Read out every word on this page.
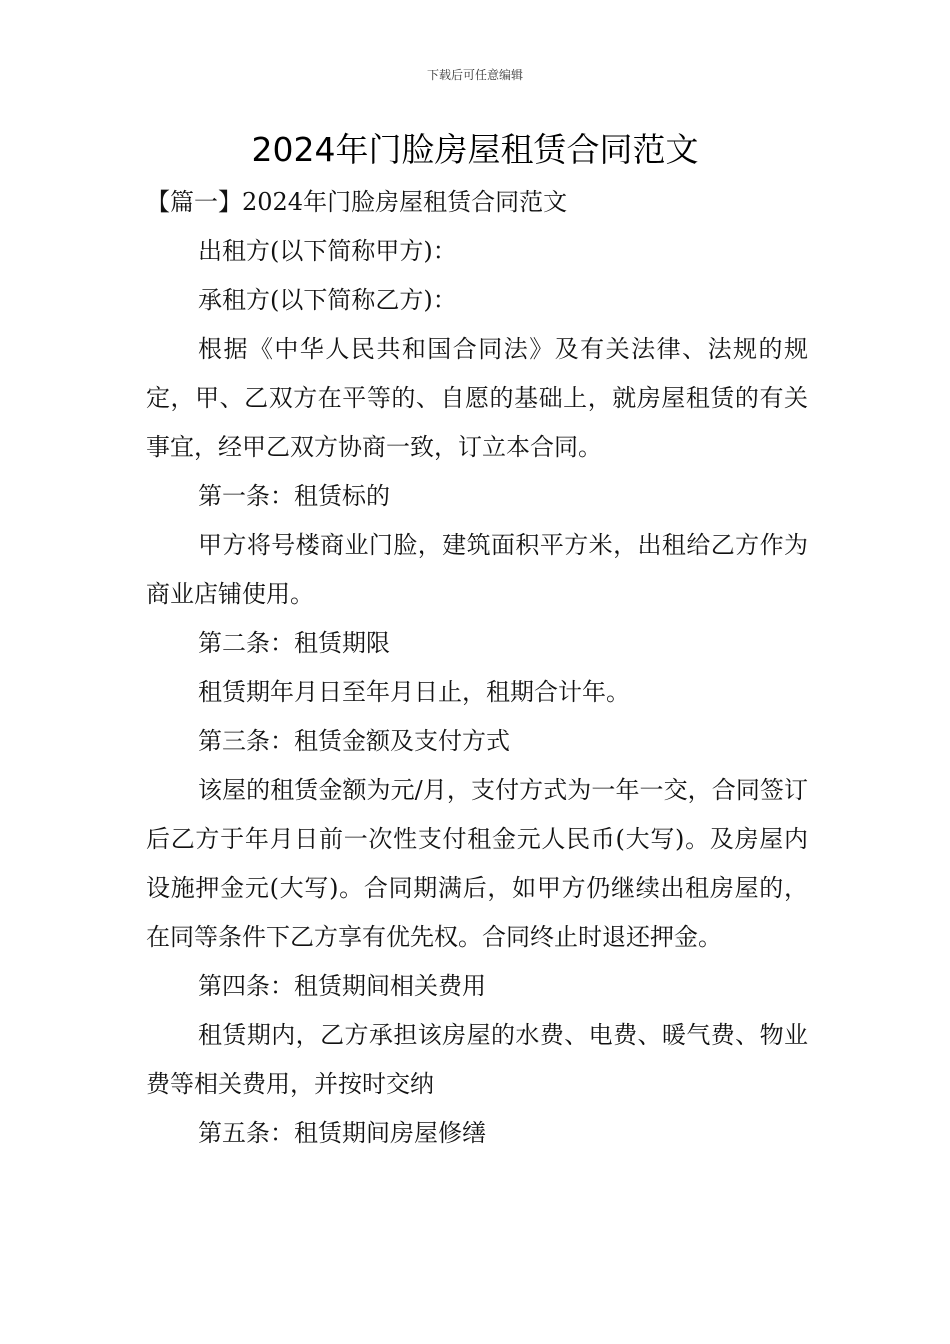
下载后可任意编辑
2024年门脸房屋租赁合同范文

【篇一】2024年门脸房屋租赁合同范文

出租方(以下简称甲方)：

承租方(以下简称乙方)：

根据《中华人民共和国合同法》及有关法律、法规的规定，甲、乙双方在平等的、自愿的基础上，就房屋租赁的有关事宜，经甲乙双方协商一致，订立本合同。

第一条：租赁标的

甲方将号楼商业门脸，建筑面积平方米，出租给乙方作为商业店铺使用。

第二条：租赁期限

租赁期年月日至年月日止，租期合计年。

第三条：租赁金额及支付方式

该屋的租赁金额为元/月，支付方式为一年一交，合同签订后乙方于年月日前一次性支付租金元人民币(大写)。及房屋内设施押金元(大写)。合同期满后，如甲方仍继续出租房屋的，在同等条件下乙方享有优先权。合同终止时退还押金。

第四条：租赁期间相关费用

租赁期内，乙方承担该房屋的水费、电费、暖气费、物业费等相关费用，并按时交纳

第五条：租赁期间房屋修缮
